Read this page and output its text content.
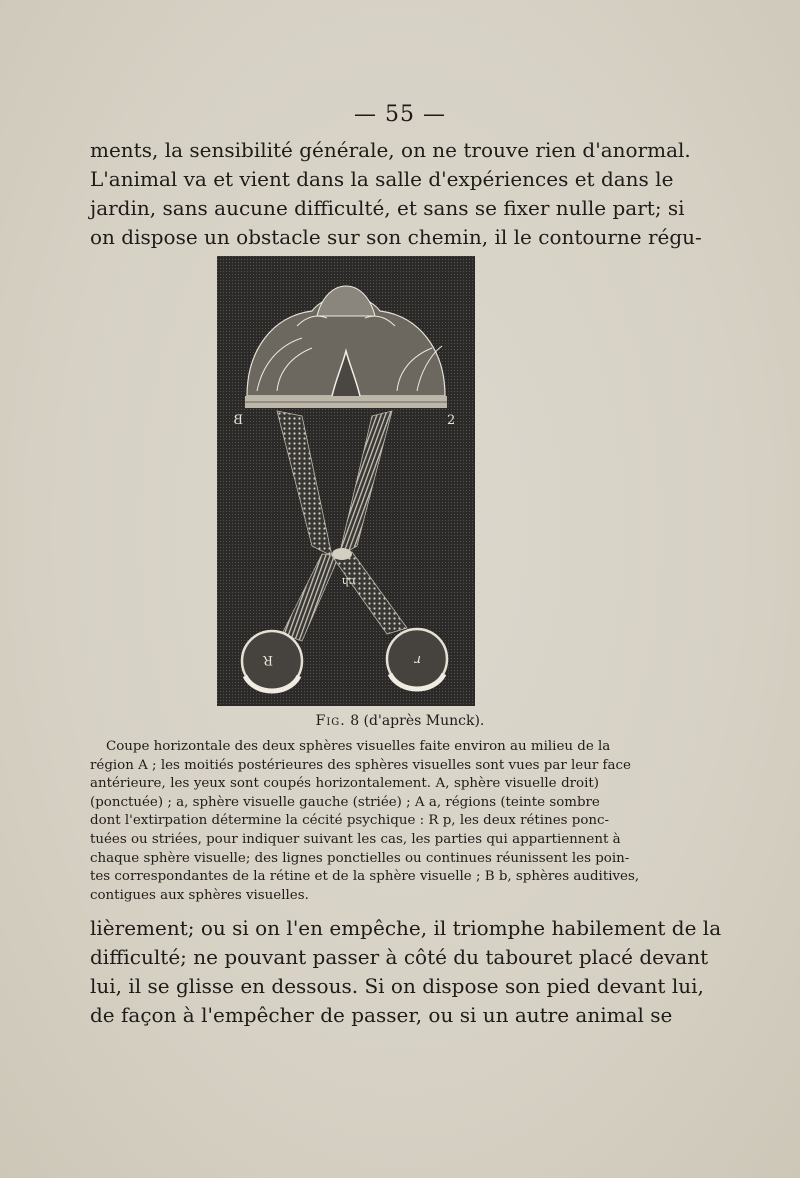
— 55 —

ments, la sensibilité générale, on ne trouve rien d'anormal.
L'animal va et vient dans la salle d'expériences et dans le
jardin, sans aucune difficulté, et sans se fixer nulle part; si
on dispose un obstacle sur son chemin, il le contourne régu-

B	2
ch
R	r
Fig. 8 (d'après Munck).

Coupe horizontale des deux sphères visuelles faite environ au milieu de la
région A ; les moitiés postérieures des sphères visuelles sont vues par leur face
antérieure, les yeux sont coupés horizontalement. A, sphère visuelle droit)
(ponctuée) ; a, sphère visuelle gauche (striée) ; A a, régions (teinte sombre
dont l'extirpation détermine la cécité psychique : R p, les deux rétines ponc-
tuées ou striées, pour indiquer suivant les cas, les parties qui appartiennent à
chaque sphère visuelle; des lignes ponctielles ou continues réunissent les poin-
tes correspondantes de la rétine et de la sphère visuelle ; B b, sphères auditives,
contigues aux sphères visuelles.

lièrement; ou si on l'en empêche, il triomphe habilement de la
difficulté; ne pouvant passer à côté du tabouret placé devant
lui, il se glisse en dessous. Si on dispose son pied devant lui,
de façon à l'empêcher de passer, ou si un autre animal se
